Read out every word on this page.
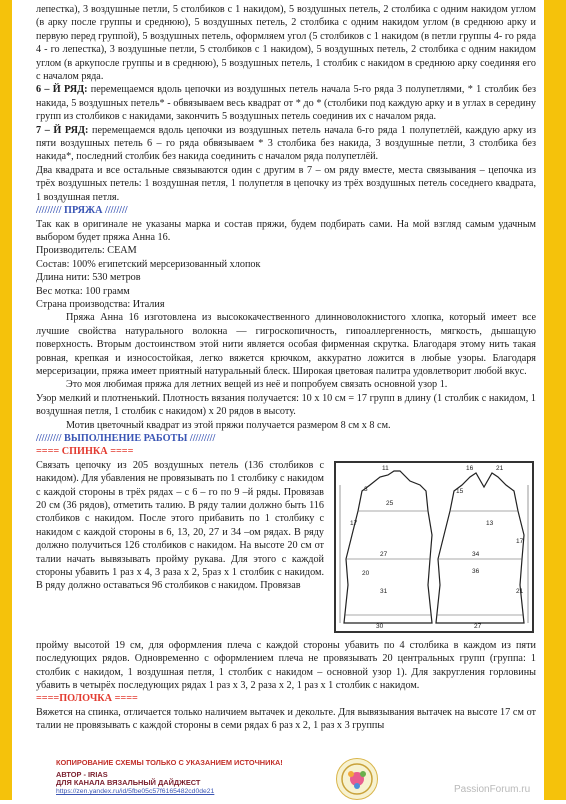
лепестка), 3 воздушные петли, 5 столбиков с 1 накидом), 5 воздушных петель, 2 столбика с одним накидом углом (в арку после группы и среднюю), 5 воздушных петель, 2 столбика с одним накидом углом (в среднюю арку и первую перед группой), 5 воздушных петель, оформляем угол (5 столбиков с 1 накидом (в петли группы 4- го ряда 4 - го лепестка), 3 воздушные петли, 5 столбиков с 1 накидом), 5 воздушных петель, 2 столбика с одним накидом углом (в аркупосле группы и в среднюю), 5 воздушных петель, 1 столбик с накидом в среднюю арку соединяя его с началом ряда.

6 – Й РЯД: перемещаемся вдоль цепочки из воздушных петель начала 5-го ряда 3 полупетлями, * 1 столбик без накида, 5 воздушных петель* - обвязываем весь квадрат от * до * (столбики под каждую арку и в углах в середину групп из столбиков с накидами, закончить 5 воздушных петель соединив их с началом ряда.

7 – Й РЯД: перемещаемся вдоль цепочки из воздушных петель начала 6-го ряда 1 полупетлёй, каждую арку из пяти воздушных петель 6 – го ряда обвязываем * 3 столбика без накида, 3 воздушные петли, 3 столбика без накида*, последний столбик без накида соединить с началом ряда полупетлёй.

Два квадрата и все остальные связываются один с другим в 7 – ом ряду вместе, места связывания – цепочка из трёх воздушных петель: 1 воздушная петля, 1 полупетля в цепочку из трёх воздушных петель соседнего квадрата, 1 воздушная петля.

///////// ПРЯЖА ////////

Так как в оригинале не указаны марка и состав пряжи, будем подбирать сами. На мой взгляд самым удачным выбором будет пряжа Анна 16.

Производитель: СЕАМ

Состав: 100% египетский мерсеризованный хлопок

Длина нити: 530 метров

Вес мотка: 100 грамм

Страна производства: Италия

Пряжа Анна 16 изготовлена из высококачественного длинноволокнистого хлопка, который имеет все лучшие свойства натурального волокна — гигроскопичность, гипоаллергенность, мягкость, дышащую поверхность. Вторым достоинством этой нити является особая фирменная скрутка. Благодаря этому нить такая ровная, крепкая и износостойкая, легко вяжется крючком, аккуратно ложится в любые узоры. Благодаря мерсеризации, пряжа имеет приятный натуральный блеск. Широкая цветовая палитра удовлетворит любой вкус.

Это моя любимая пряжа для летних вещей из неё и попробуем связать основной узор 1.

Узор мелкий и плотненький. Плотность вязания получается: 10 х 10 см = 17 групп в длину (1 столбик с накидом, 1 воздушная петля, 1 столбик с накидом) х 20 рядов в высоту.

Мотив цветочный квадрат из этой пряжи получается размером 8 см х 8 см.

///////// ВЫПОЛНЕНИЕ РАБОТЫ /////////

==== СПИНКА ====

Связать цепочку из 205 воздушных петель (136 столбиков с накидом). Для убавления не провязывать по 1 столбику с накидом с каждой стороны в трёх рядах – с 6 – го по 9 –й ряды. Провязав 20 см (36 рядов), отметить талию. В ряду талии должно быть 116 столбиков с накидом. После этого прибавить по 1 столбику с накидом с каждой стороны в 6, 13, 20, 27 и 34 –ом рядах. В ряду должно получиться 126 столбиков с накидом. На высоте 20 см от талии начать вывязывать пройму рукава. Для этого с каждой стороны убавить 1 раз х 4, 3 раза х 2, 5раз х 1 столбик с накидом. В ряду должно оставаться 96 столбиков с накидом. Провязав

11
25
3
27
17
16	21
20	36
15
13
34
31
30	27
21
17

пройму высотой 19 см, для оформления плеча с каждой стороны убавить по 4 столбика в каждом из пяти последующих рядов. Одновременно с оформлением плеча не провязывать 20 центральных групп (группа: 1 столбик с накидом, 1 воздушная петля, 1 столбик с накидом – основной узор 1). Для закругления горловины убавить в четырёх последующих рядах 1 раз х 3, 2 раза х 2, 1 раз х 1 столбик с накидом.

====ПОЛОЧКА ====

Вяжется на спинка, отличается только наличием вытачек и декольте. Для вывязывания вытачек на высоте 17 см от талии не провязывать с каждой стороны в семи рядах 6 раз х 2, 1 раз х 3 группы

КОПИРОВАНИЕ СХЕМЫ ТОЛЬКО С УКАЗАНИЕМ ИСТОЧНИКА!
АВТОР - IRIAS
ДЛЯ КАНАЛА ВЯЗАЛЬНЫЙ ДАЙДЖЕСТ
https://zen.yandex.ru/id/5fbe05c57f6165482cd0de21	PassionForum.ru
